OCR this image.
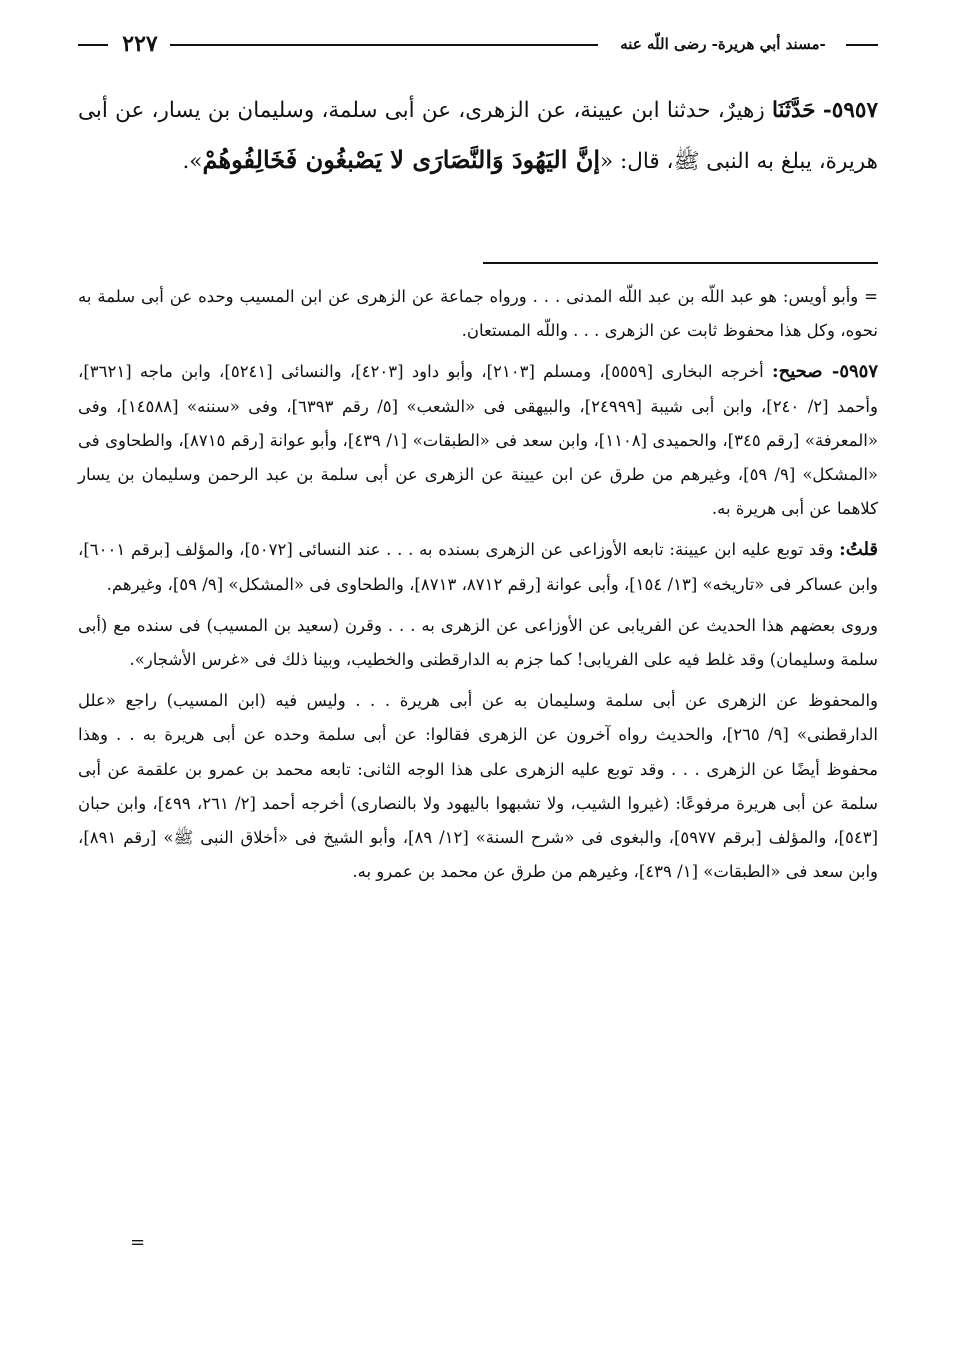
٢٢٧	مسند أبي هريرة- رضى اللّه عنه-

٥٩٥٧- حَدَّثَنَا زهيرٌ، حدثنا ابن عيينة، عن الزهرى، عن أبى سلمة، وسليمان بن يسار، عن أبى هريرة، يبلغ به النبى ﷺ، قال: «إنَّ اليَهُودَ وَالنَّصَارَى لا يَصْبغُون فَخَالِفُوهُمْ».

= وأبو أويس: هو عبد اللّه بن عبد اللّه المدنى . . . ورواه جماعة عن الزهرى عن ابن المسيب وحده عن أبى سلمة به نحوه، وكل هذا محفوظ ثابت عن الزهرى . . . واللّه المستعان.

٥٩٥٧- صحيح: أخرجه البخارى [٥٥٥٩]، ومسلم [٢١٠٣]، وأبو داود [٤٢٠٣]، والنسائى [٥٢٤١]، وابن ماجه [٣٦٢١]، وأحمد [٢/ ٢٤٠]، وابن أبى شيبة [٢٤٩٩٩]، والبيهقى فى «الشعب» [٥/ رقم ٦٣٩٣]، وفى «سننه» [١٤٥٨٨]، وفى «المعرفة» [رقم ٣٤٥]، والحميدى [١١٠٨]، وابن سعد فى «الطبقات» [١/ ٤٣٩]، وأبو عوانة [رقم ٨٧١٥]، والطحاوى فى «المشكل» [٩/ ٥٩]، وغيرهم من طرق عن ابن عيينة عن الزهرى عن أبى سلمة بن عبد الرحمن وسليمان بن يسار كلاهما عن أبى هريرة به.

قلتُ: وقد توبع عليه ابن عيينة: تابعه الأوزاعى عن الزهرى بسنده به . . . عند النسائى [٥٠٧٢]، والمؤلف [برقم ٦٠٠١]، وابن عساكر فى «تاريخه» [١٣/ ١٥٤]، وأبى عوانة [رقم ٨٧١٢، ٨٧١٣]، والطحاوى فى «المشكل» [٩/ ٥٩]، وغيرهم.

وروى بعضهم هذا الحديث عن الفريابى عن الأوزاعى عن الزهرى به . . . وقرن (سعيد بن المسيب) فى سنده مع (أبى سلمة وسليمان) وقد غلط فيه على الفريابى! كما جزم به الدارقطنى والخطيب، وبينا ذلك فى «غرس الأشجار».

والمحفوظ عن الزهرى عن أبى سلمة وسليمان به عن أبى هريرة . . . وليس فيه (ابن المسيب) راجع «علل الدارقطنى» [٩/ ٢٦٥]، والحديث رواه آخرون عن الزهرى فقالوا: عن أبى سلمة وحده عن أبى هريرة به . . وهذا محفوظ أيضًا عن الزهرى . . . وقد توبع عليه الزهرى على هذا الوجه الثانى: تابعه محمد بن عمرو بن علقمة عن أبى سلمة عن أبى هريرة مرفوعًا: (غيروا الشيب، ولا تشبهوا باليهود ولا بالنصارى) أخرجه أحمد [٢/ ٢٦١، ٤٩٩]، وابن حبان [٥٤٣]، والمؤلف [برقم ٥٩٧٧]، والبغوى فى «شرح السنة» [١٢/ ٨٩]، وأبو الشيخ فى «أخلاق النبى ﷺ» [رقم ٨٩١]، وابن سعد فى «الطبقات» [١/ ٤٣٩]، وغيرهم من طرق عن محمد بن عمرو به.

=
